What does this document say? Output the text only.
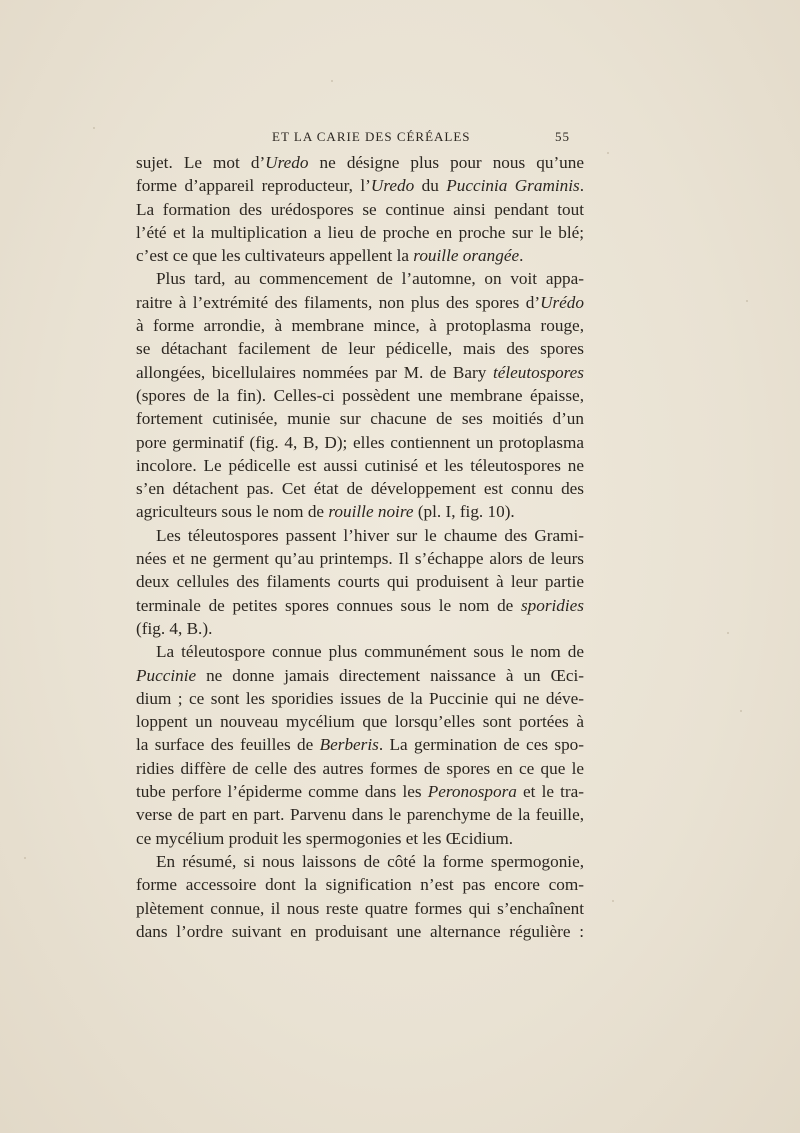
ET LA CARIE DES CÉRÉALES	55
sujet. Le mot d’Uredo ne désigne plus pour nous qu’une
forme d’appareil reproducteur, l’Uredo du Puccinia Graminis.
La formation des urédospores se continue ainsi pendant tout
l’été et la multiplication a lieu de proche en proche sur le blé;
c’est ce que les cultivateurs appellent la rouille orangée.
Plus tard, au commencement de l’automne, on voit appa-
raitre à l’extrémité des filaments, non plus des spores d’Urédo
à forme arrondie, à membrane mince, à protoplasma rouge,
se détachant facilement de leur pédicelle, mais des spores
allongées, bicellulaires nommées par M. de Bary téleutospores
(spores de la fin). Celles-ci possèdent une membrane épaisse,
fortement cutinisée, munie sur chacune de ses moitiés d’un
pore germinatif (fig. 4, B, D); elles contiennent un protoplasma
incolore. Le pédicelle est aussi cutinisé et les téleutospores ne
s’en détachent pas. Cet état de développement est connu des
agriculteurs sous le nom de rouille noire (pl. I, fig. 10).
Les téleutospores passent l’hiver sur le chaume des Grami-
nées et ne germent qu’au printemps. Il s’échappe alors de leurs
deux cellules des filaments courts qui produisent à leur partie
terminale de petites spores connues sous le nom de sporidies
(fig. 4, B.).
La téleutospore connue plus communément sous le nom de
Puccinie ne donne jamais directement naissance à un Œci-
dium ; ce sont les sporidies issues de la Puccinie qui ne déve-
loppent un nouveau mycélium que lorsqu’elles sont portées à
la surface des feuilles de Berberis. La germination de ces spo-
ridies diffère de celle des autres formes de spores en ce que le
tube perfore l’épiderme comme dans les Peronospora et le tra-
verse de part en part. Parvenu dans le parenchyme de la feuille,
ce mycélium produit les spermogonies et les Œcidium.
En résumé, si nous laissons de côté la forme spermogonie,
forme accessoire dont la signification n’est pas encore com-
plètement connue, il nous reste quatre formes qui s’enchaînent
dans l’ordre suivant en produisant une alternance régulière :
